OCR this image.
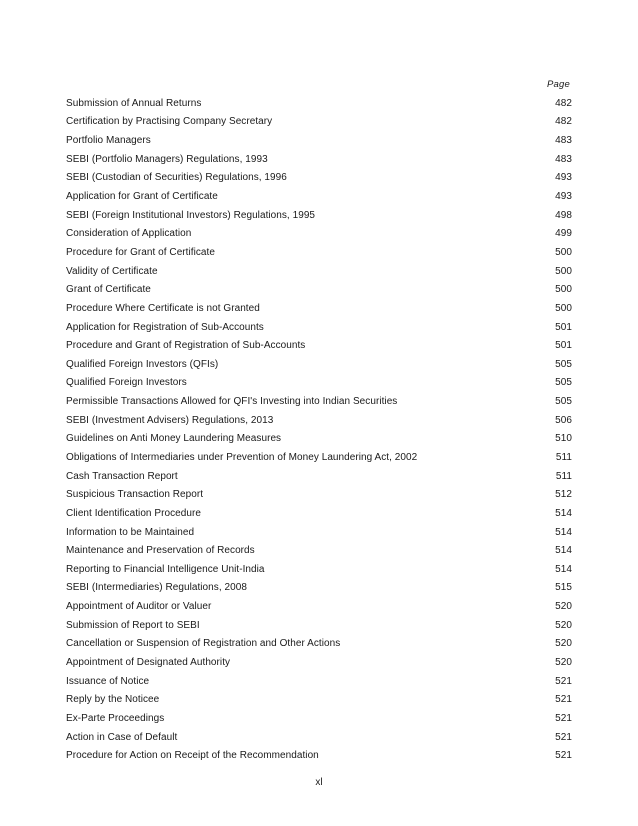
Page
Submission of Annual Returns	482
Certification by Practising Company Secretary	482
Portfolio Managers	483
SEBI (Portfolio Managers) Regulations, 1993	483
SEBI (Custodian of Securities) Regulations, 1996	493
Application for Grant of Certificate	493
SEBI (Foreign Institutional Investors) Regulations, 1995	498
Consideration of Application	499
Procedure for Grant of Certificate	500
Validity of Certificate	500
Grant of Certificate	500
Procedure Where Certificate is not Granted	500
Application for Registration of Sub-Accounts	501
Procedure and Grant of Registration of Sub-Accounts	501
Qualified Foreign Investors (QFIs)	505
Qualified Foreign Investors	505
Permissible Transactions Allowed for QFI's Investing into Indian Securities	505
SEBI (Investment Advisers) Regulations, 2013	506
Guidelines on Anti Money Laundering Measures	510
Obligations of Intermediaries under Prevention of Money Laundering Act, 2002	511
Cash Transaction Report	511
Suspicious Transaction Report	512
Client Identification Procedure	514
Information to be Maintained	514
Maintenance and Preservation of Records	514
Reporting to Financial Intelligence Unit-India	514
SEBI (Intermediaries) Regulations, 2008	515
Appointment of Auditor or Valuer	520
Submission of Report to SEBI	520
Cancellation or Suspension of Registration and Other Actions	520
Appointment of Designated Authority	520
Issuance of Notice	521
Reply by the Noticee	521
Ex-Parte Proceedings	521
Action in Case of Default	521
Procedure for Action on Receipt of the Recommendation	521
xl
